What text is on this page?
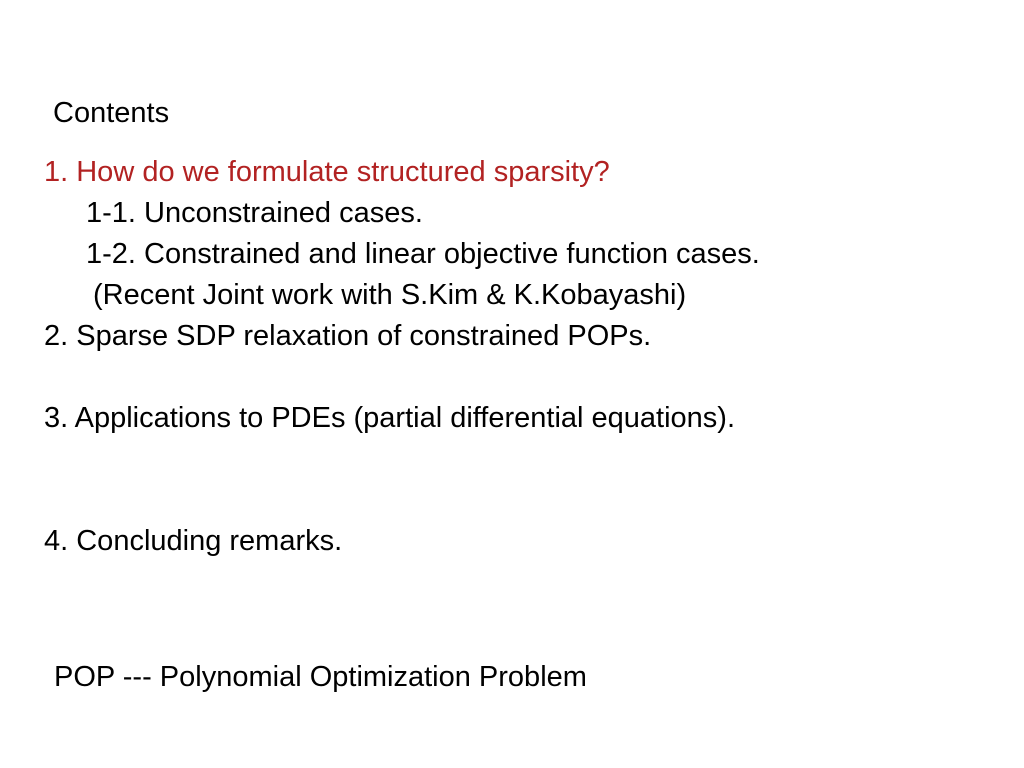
Contents
1. How do we formulate structured sparsity?
1-1. Unconstrained cases.
1-2. Constrained and linear objective function cases.
(Recent Joint work with S.Kim & K.Kobayashi)
2. Sparse SDP relaxation of constrained POPs.
3. Applications to PDEs (partial differential equations).
4. Concluding remarks.
POP --- Polynomial Optimization Problem
